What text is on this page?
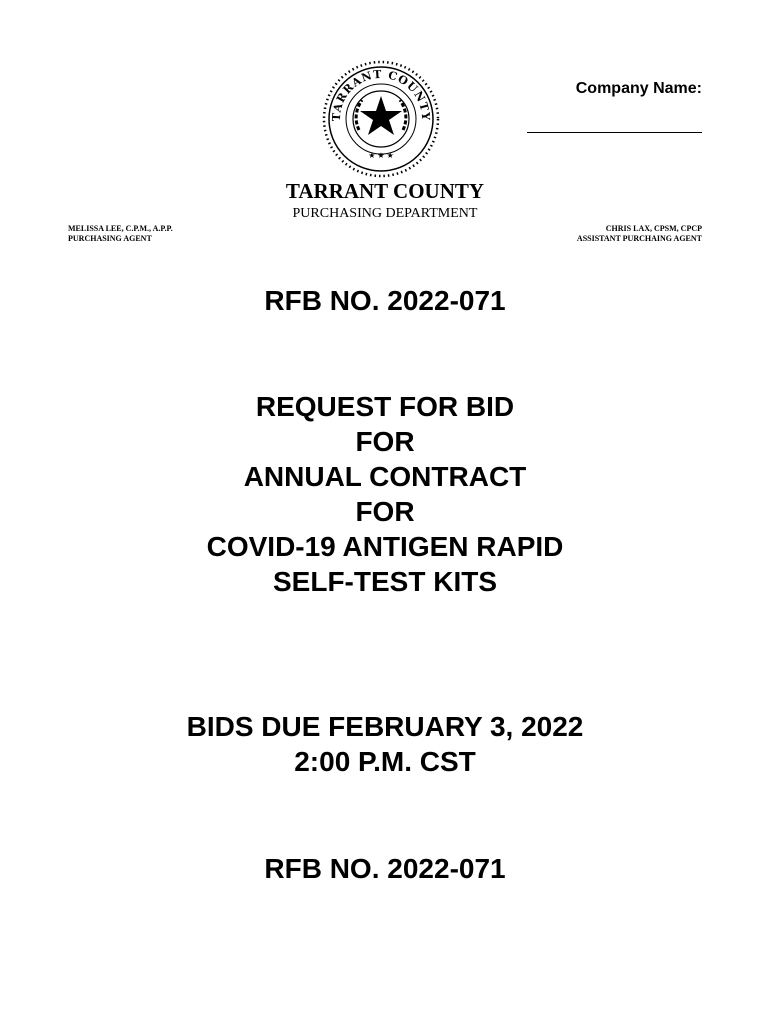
TARRANT COUNTY
★ ★ ★
Company Name:
TARRANT COUNTY
PURCHASING DEPARTMENT
MELISSA LEE, C.P.M., A.P.P.
PURCHASING AGENT
CHRIS LAX, CPSM, CPCP
ASSISTANT PURCHAING AGENT
RFB NO. 2022-071
REQUEST FOR BID
FOR
ANNUAL CONTRACT
FOR
COVID-19 ANTIGEN RAPID
SELF-TEST KITS
BIDS DUE FEBRUARY 3, 2022
2:00 P.M. CST
RFB NO. 2022-071
